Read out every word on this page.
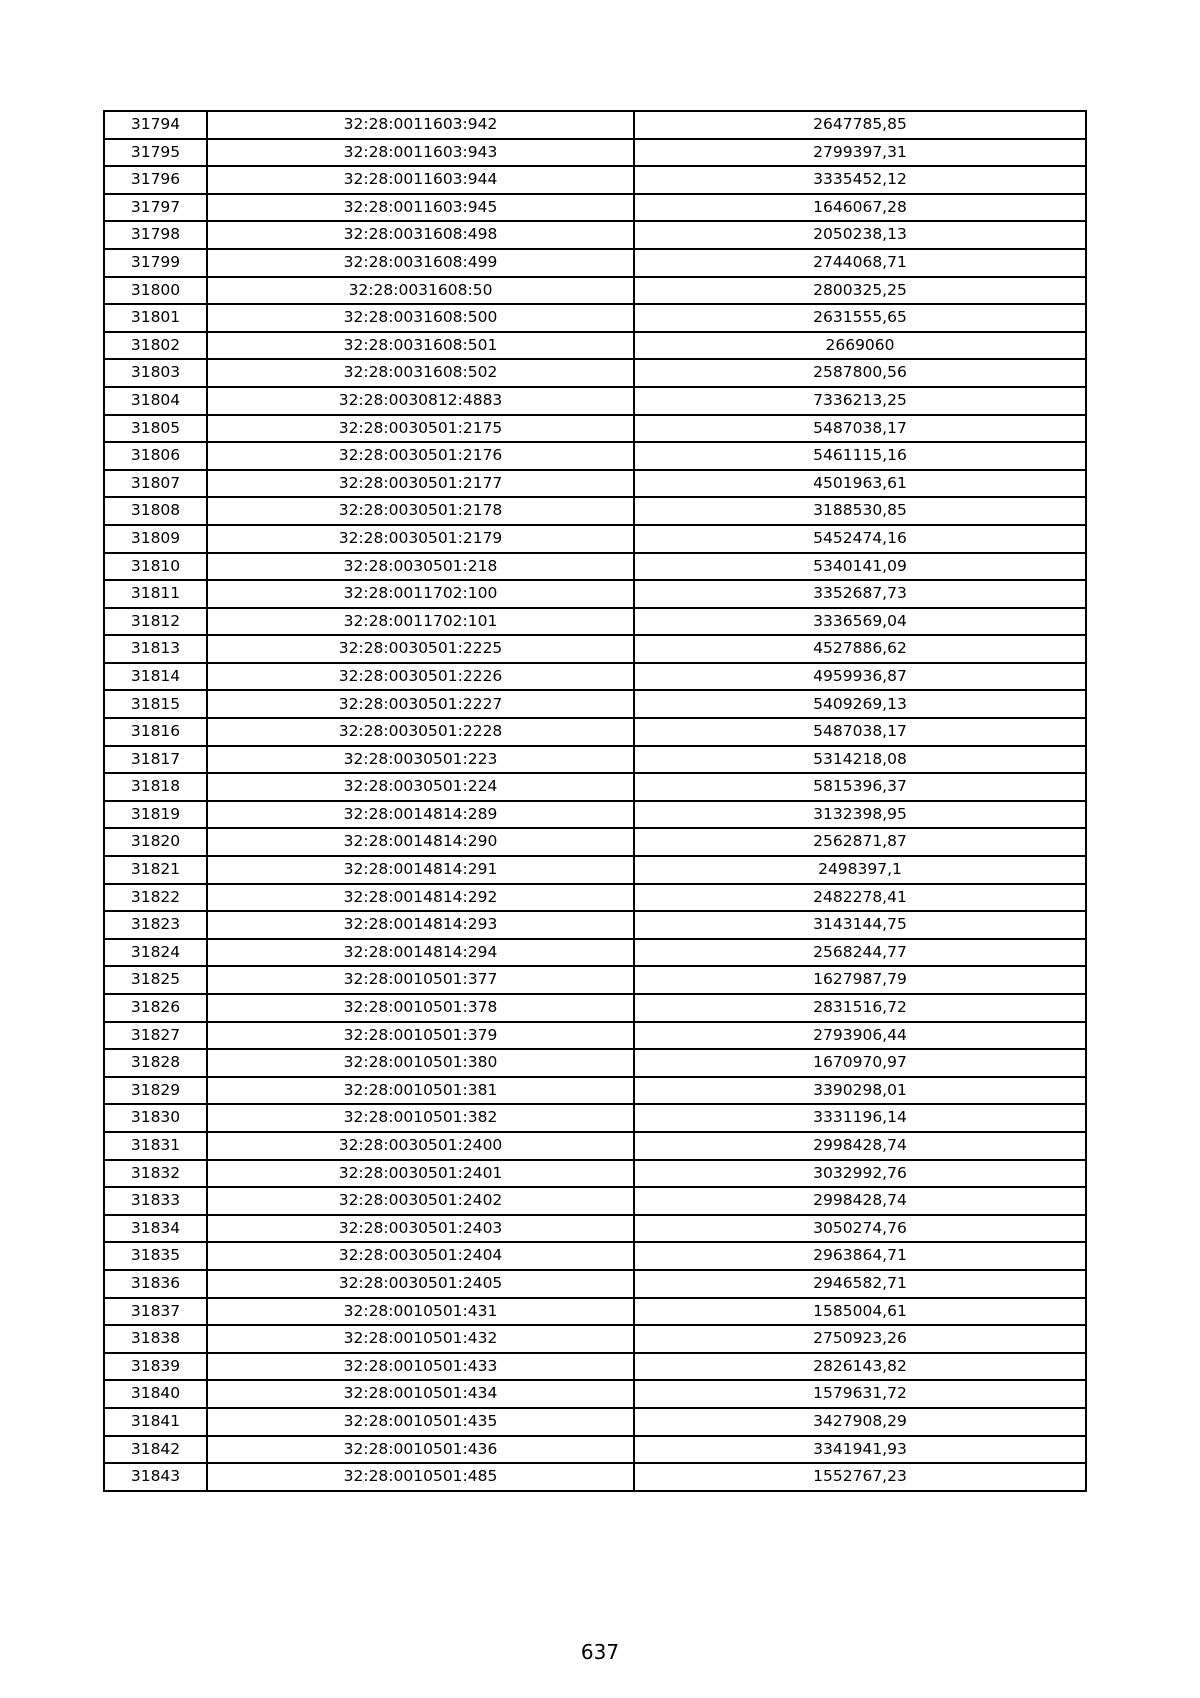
31794	32:28:0011603:942	2647785,85
31795	32:28:0011603:943	2799397,31
31796	32:28:0011603:944	3335452,12
31797	32:28:0011603:945	1646067,28
31798	32:28:0031608:498	2050238,13
31799	32:28:0031608:499	2744068,71
31800	32:28:0031608:50	2800325,25
31801	32:28:0031608:500	2631555,65
31802	32:28:0031608:501	2669060
31803	32:28:0031608:502	2587800,56
31804	32:28:0030812:4883	7336213,25
31805	32:28:0030501:2175	5487038,17
31806	32:28:0030501:2176	5461115,16
31807	32:28:0030501:2177	4501963,61
31808	32:28:0030501:2178	3188530,85
31809	32:28:0030501:2179	5452474,16
31810	32:28:0030501:218	5340141,09
31811	32:28:0011702:100	3352687,73
31812	32:28:0011702:101	3336569,04
31813	32:28:0030501:2225	4527886,62
31814	32:28:0030501:2226	4959936,87
31815	32:28:0030501:2227	5409269,13
31816	32:28:0030501:2228	5487038,17
31817	32:28:0030501:223	5314218,08
31818	32:28:0030501:224	5815396,37
31819	32:28:0014814:289	3132398,95
31820	32:28:0014814:290	2562871,87
31821	32:28:0014814:291	2498397,1
31822	32:28:0014814:292	2482278,41
31823	32:28:0014814:293	3143144,75
31824	32:28:0014814:294	2568244,77
31825	32:28:0010501:377	1627987,79
31826	32:28:0010501:378	2831516,72
31827	32:28:0010501:379	2793906,44
31828	32:28:0010501:380	1670970,97
31829	32:28:0010501:381	3390298,01
31830	32:28:0010501:382	3331196,14
31831	32:28:0030501:2400	2998428,74
31832	32:28:0030501:2401	3032992,76
31833	32:28:0030501:2402	2998428,74
31834	32:28:0030501:2403	3050274,76
31835	32:28:0030501:2404	2963864,71
31836	32:28:0030501:2405	2946582,71
31837	32:28:0010501:431	1585004,61
31838	32:28:0010501:432	2750923,26
31839	32:28:0010501:433	2826143,82
31840	32:28:0010501:434	1579631,72
31841	32:28:0010501:435	3427908,29
31842	32:28:0010501:436	3341941,93
31843	32:28:0010501:485	1552767,23
637
